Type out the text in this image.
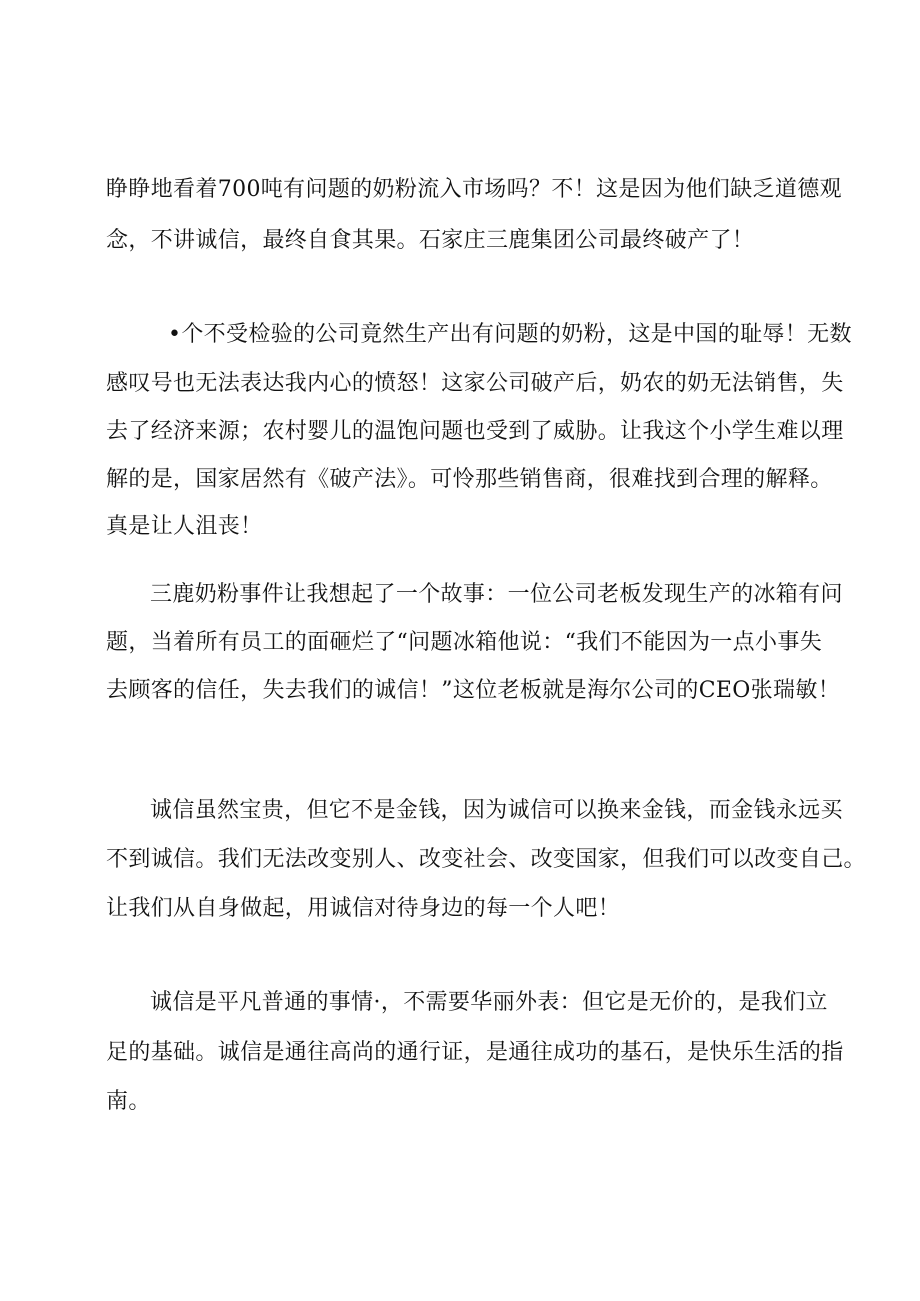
睁睁地看着700吨有问题的奶粉流入市场吗？不！这是因为他们缺乏道德观

念，不讲诚信，最终自食其果。石家庄三鹿集团公司最终破产了！

•个不受检验的公司竟然生产出有问题的奶粉，这是中国的耻辱！无数

感叹号也无法表达我内心的愤怒！这家公司破产后，奶农的奶无法销售，失

去了经济来源；农村婴儿的温饱问题也受到了威胁。让我这个小学生难以理

解的是，国家居然有《破产法》。可怜那些销售商，很难找到合理的解释。

真是让人沮丧！

三鹿奶粉事件让我想起了一个故事：一位公司老板发现生产的冰箱有问

题，当着所有员工的面砸烂了“问题冰箱他说：“我们不能因为一点小事失

去顾客的信任，失去我们的诚信！”这位老板就是海尔公司的CEO张瑞敏！

诚信虽然宝贵，但它不是金钱，因为诚信可以换来金钱，而金钱永远买

不到诚信。我们无法改变别人、改变社会、改变国家，但我们可以改变自己。

让我们从自身做起，用诚信对待身边的每一个人吧！

诚信是平凡普通的事情·，不需要华丽外表：但它是无价的，是我们立

足的基础。诚信是通往高尚的通行证，是通往成功的基石，是快乐生活的指

南。
